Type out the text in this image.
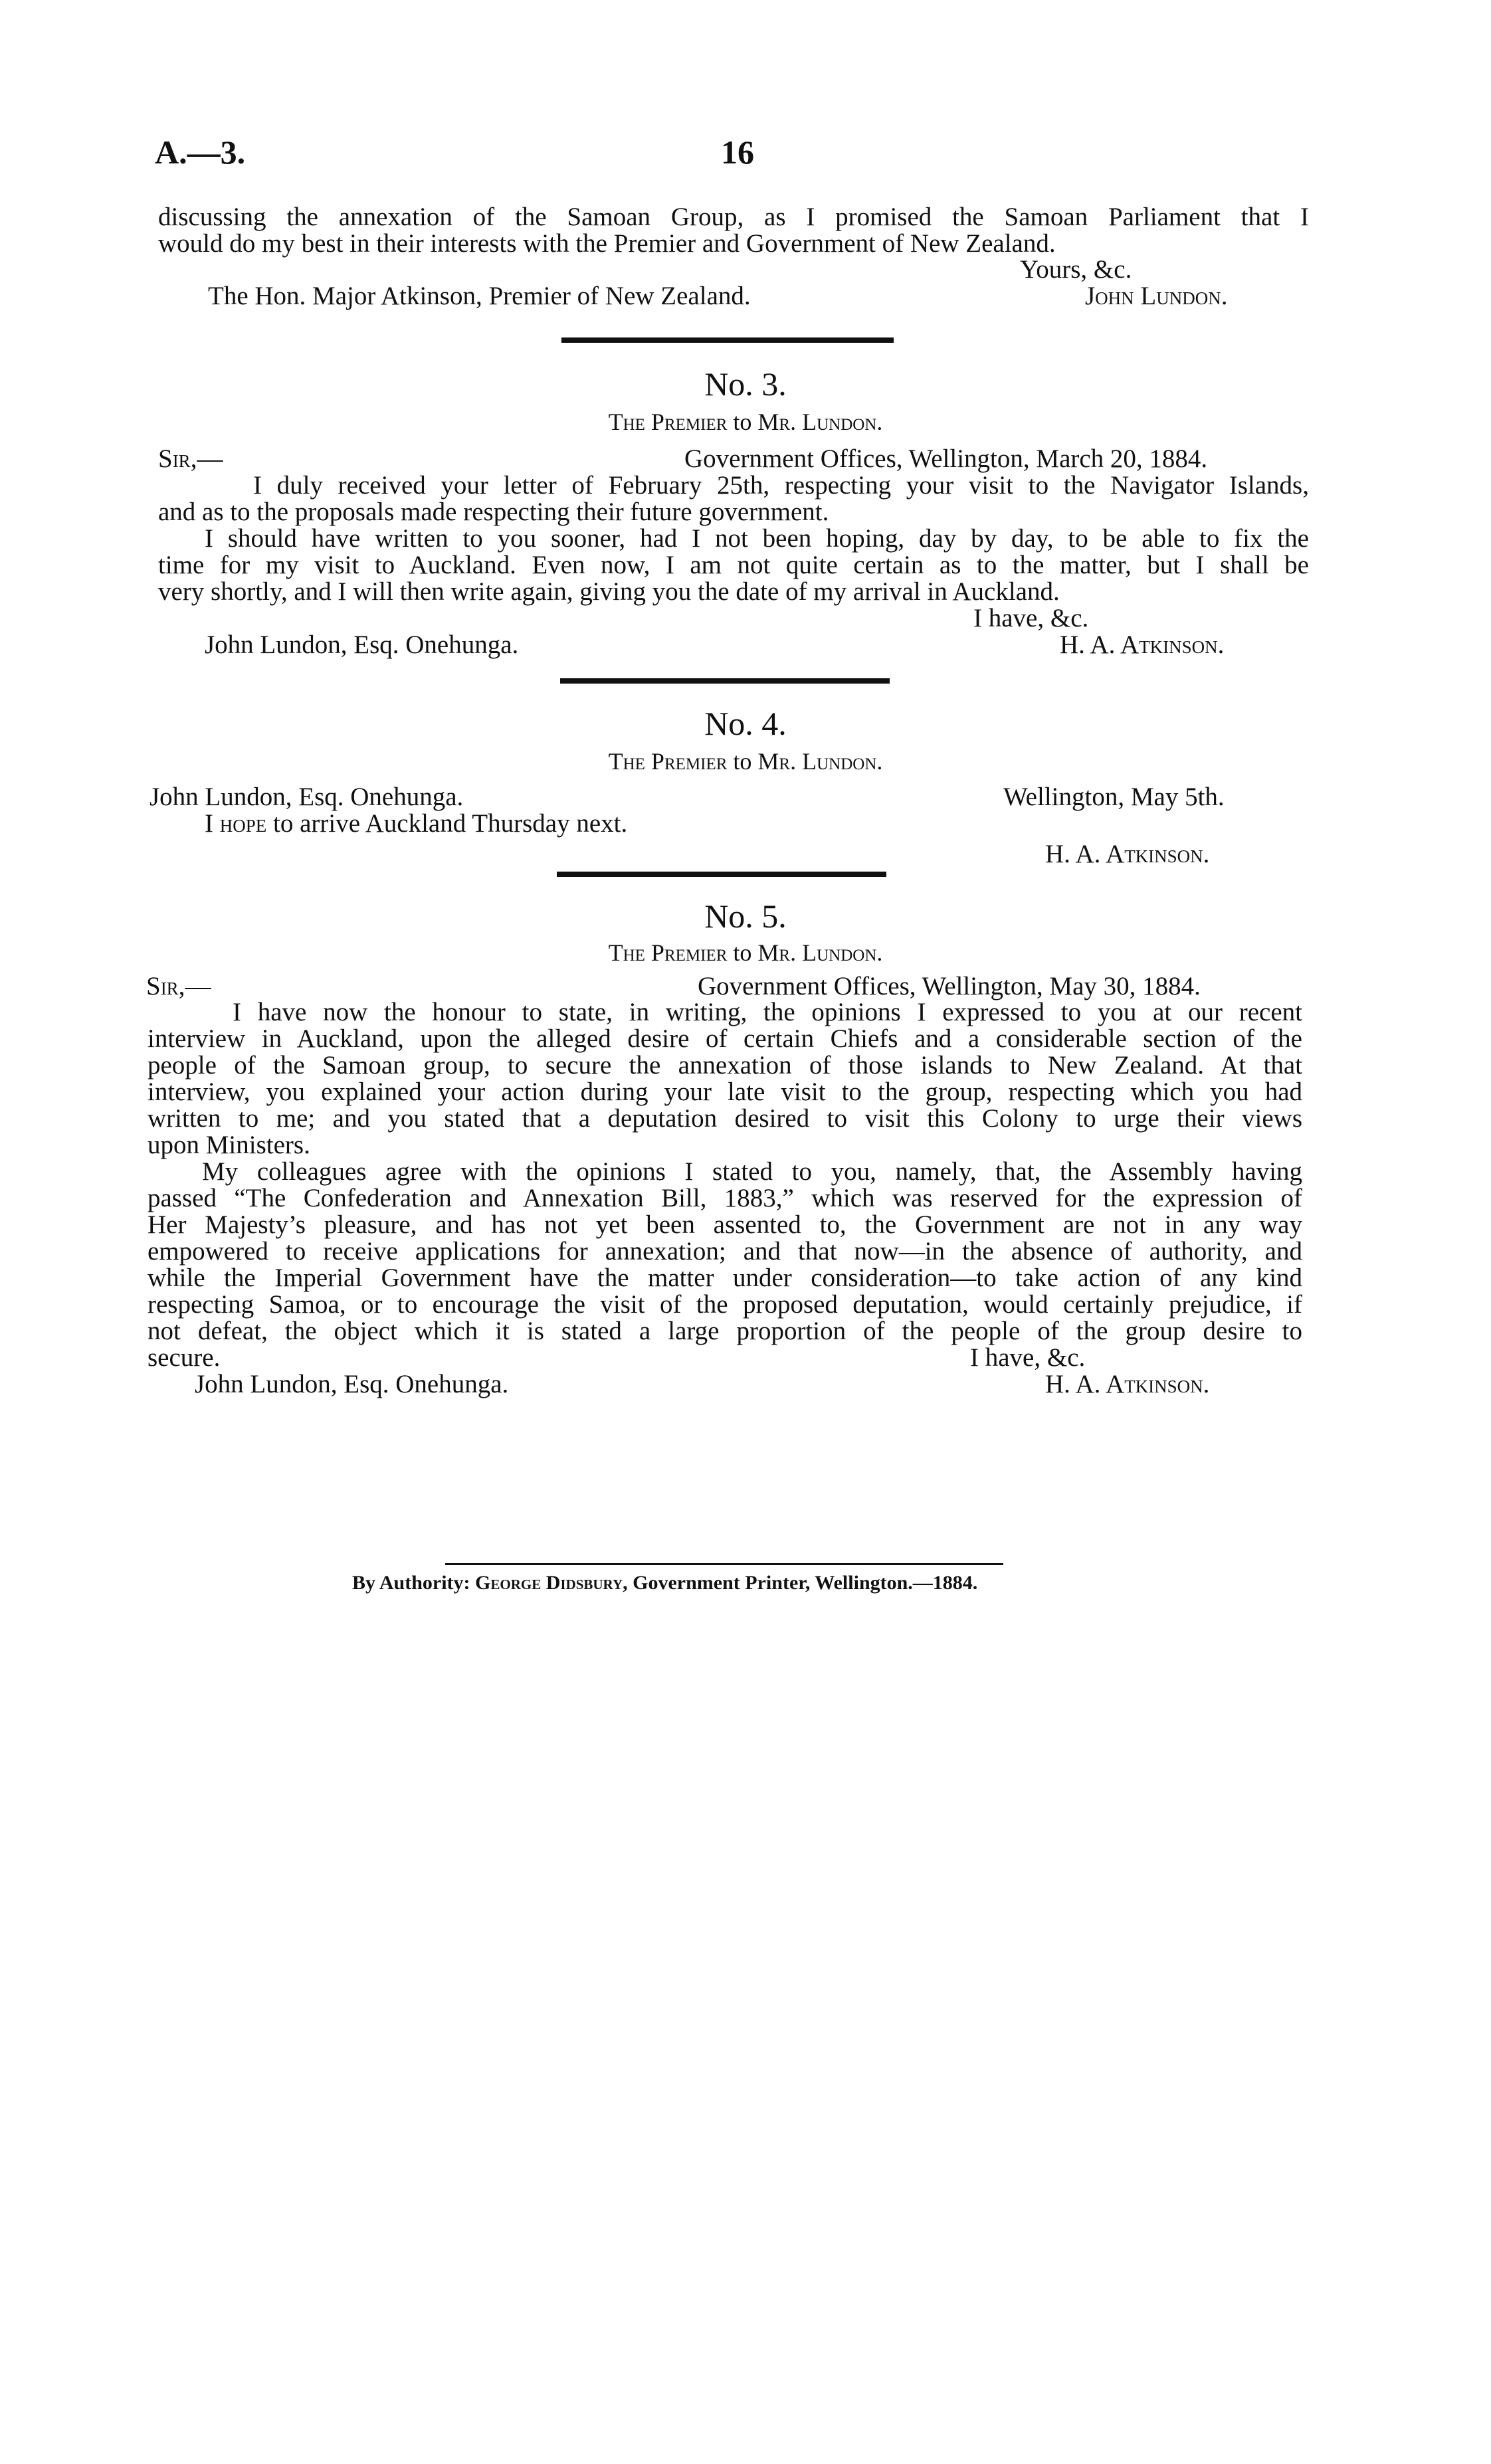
A.—3.	16
discussing the annexation of the Samoan Group, as I promised the Samoan Parliament that I
would do my best in their interests with the Premier and Government of New Zealand.
Yours, &c.
The Hon. Major Atkinson, Premier of New Zealand.	John Lundon.
No. 3.
The Premier to Mr. Lundon.
Sir,—	Government Offices, Wellington, March 20, 1884.
I duly received your letter of February 25th, respecting your visit to the Navigator Islands,
and as to the proposals made respecting their future government.
I should have written to you sooner, had I not been hoping, day by day, to be able to fix the
time for my visit to Auckland. Even now, I am not quite certain as to the matter, but I shall be
very shortly, and I will then write again, giving you the date of my arrival in Auckland.
I have, &c.
John Lundon, Esq. Onehunga.	H. A. Atkinson.
No. 4.
The Premier to Mr. Lundon.
John Lundon, Esq. Onehunga.	Wellington, May 5th.
I hope to arrive Auckland Thursday next.
H. A. Atkinson.
No. 5.
The Premier to Mr. Lundon.
Sir,—	Government Offices, Wellington, May 30, 1884.
I have now the honour to state, in writing, the opinions I expressed to you at our recent
interview in Auckland, upon the alleged desire of certain Chiefs and a considerable section of the
people of the Samoan group, to secure the annexation of those islands to New Zealand. At that
interview, you explained your action during your late visit to the group, respecting which you had
written to me; and you stated that a deputation desired to visit this Colony to urge their views
upon Ministers.
My colleagues agree with the opinions I stated to you, namely, that, the Assembly having
passed “The Confederation and Annexation Bill, 1883,” which was reserved for the expression of
Her Majesty’s pleasure, and has not yet been assented to, the Government are not in any way
empowered to receive applications for annexation; and that now—in the absence of authority, and
while the Imperial Government have the matter under consideration—to take action of any kind
respecting Samoa, or to encourage the visit of the proposed deputation, would certainly prejudice, if
not defeat, the object which it is stated a large proportion of the people of the group desire to
secure.	I have, &c.
John Lundon, Esq. Onehunga.	H. A. Atkinson.
By Authority: George Didsbury, Government Printer, Wellington.—1884.
